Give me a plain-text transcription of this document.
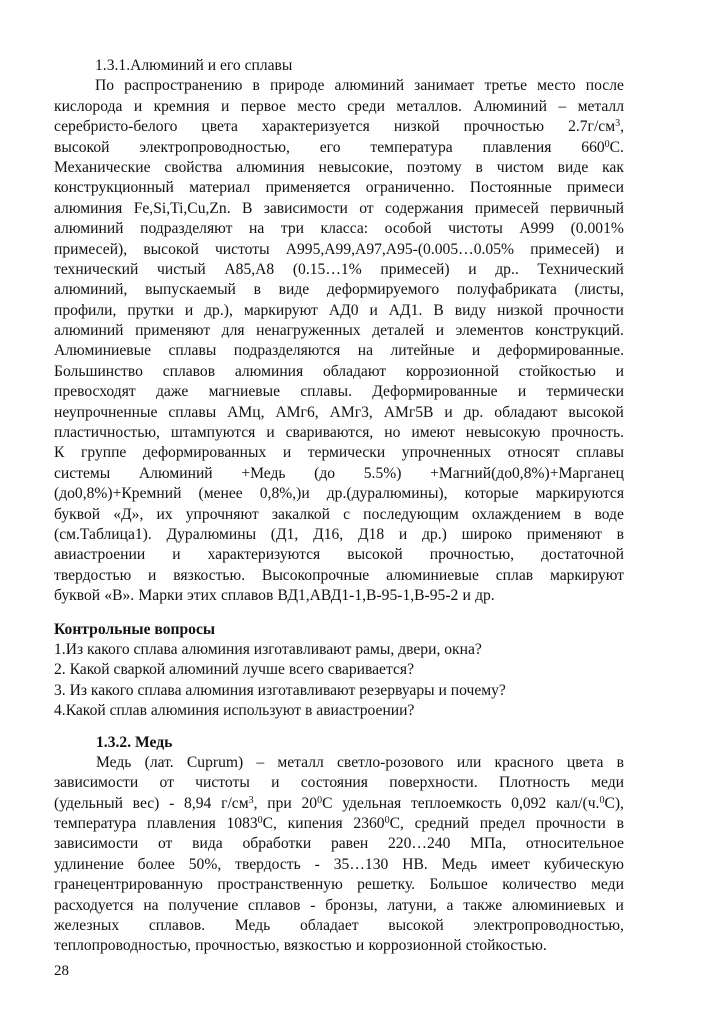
1.3.1.Алюминий и его сплавы
По распространению в природе алюминий занимает третье место после
кислорода и кремния и первое место среди металлов. Алюминий – металл
серебристо-белого цвета характеризуется низкой прочностью $2.7г/см^3$,
высокой электропроводностью, его температура плавления $660^0С$.
Механические свойства алюминия невысокие, поэтому в чистом виде как
конструкционный материал применяется ограниченно. Постоянные примеси
алюминия Fe,Si,Ti,Cu,Zn. В зависимости от содержания примесей первичный
алюминий подразделяют на три класса: особой чистоты А999 (0.001%
примесей), высокой чистоты А995,А99,А97,А95-(0.005…0.05% примесей) и
технический чистый А85,А8 (0.15…1% примесей) и др.. Технический
алюминий, выпускаемый в виде деформируемого полуфабриката (листы,
профили, прутки и др.), маркируют АД0 и АД1. В виду низкой прочности
алюминий применяют для ненагруженных деталей и элементов конструкций.
Алюминиевые сплавы подразделяются на литейные и деформированные.
Большинство сплавов алюминия обладают коррозионной стойкостью и
превосходят даже магниевые сплавы. Деформированные и термически
неупрочненные сплавы АМц, АМг6, АМг3, АМг5В и др. обладают высокой
пластичностью, штампуются и свариваются, но имеют невысокую прочность.
К группе деформированных и термически упрочненных относят сплавы
системы Алюминий +Медь (до 5.5%) +Магний(до0,8%)+Марганец
(до0,8%)+Кремний (менее 0,8%,)и др.(дуралюмины), которые маркируются
буквой «Д», их упрочняют закалкой с последующим охлаждением в воде
(см.Таблица1). Дуралюмины (Д1, Д16, Д18 и др.) широко применяют в
авиастроении и характеризуются высокой прочностью, достаточной
твердостью и вязкостью. Высокопрочные алюминиевые сплав маркируют
буквой «В». Марки этих сплавов ВД1,АВД1-1,В-95-1,В-95-2 и др.
Контрольные вопросы
1.Из какого сплава алюминия изготавливают рамы, двери, окна?
2. Какой сваркой алюминий лучше всего сваривается?
3. Из какого сплава алюминия изготавливают резервуары и почему?
4.Какой сплав алюминия используют в авиастроении?
1.3.2. Медь
Медь (лат. Cuprum) – металл светло-розового или красного цвета в
зависимости от чистоты и состояния поверхности. Плотность меди
(удельный вес) - 8,94 $г/см^3$, при $20^0С$ удельная теплоемкость 0,092 кал/(ч.$^0$С),
температура плавления 1083$^0$С, кипения 2360$^0$С, средний предел прочности в
зависимости от вида обработки равен 220…240 МПа, относительное
удлинение более 50%, твердость - 35…130 НВ. Медь имеет кубическую
гранецентрированную пространственную решетку. Большое количество меди
расходуется на получение сплавов - бронзы, латуни, а также алюминиевых и
железных сплавов. Медь обладает высокой электропроводностью,
теплопроводностью, прочностью, вязкостью и коррозионной стойкостью.
28
